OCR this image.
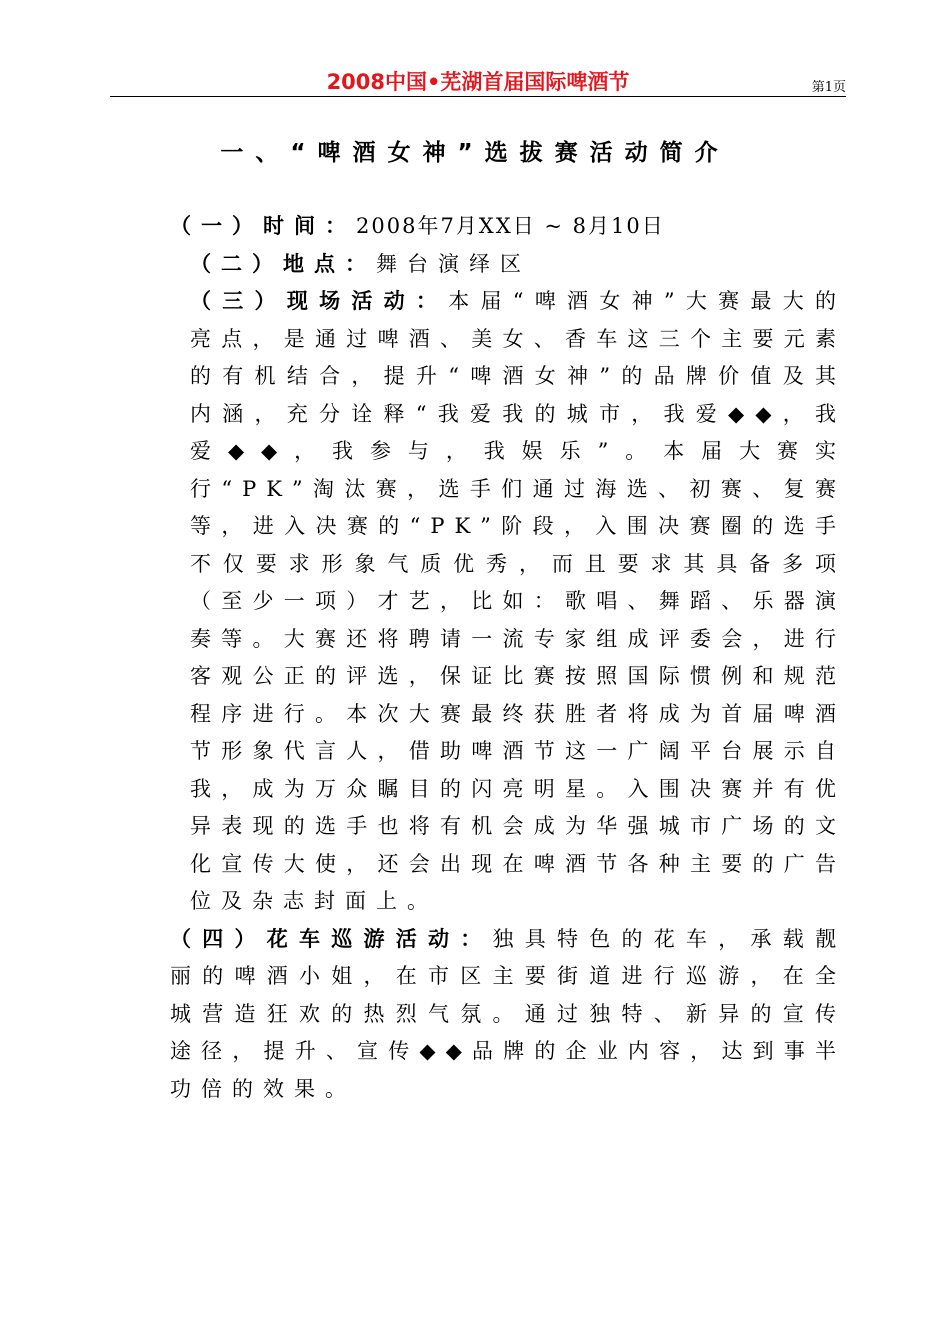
2008中国•芜湖首届国际啤酒节	第1页
一、“啤酒女神”选拔赛活动简介

（一）时间：2008年7月XX日 ~ 8月10日

（二）地点：舞台演绎区

（三）现场活动：本届“啤酒女神”大赛最大的亮点，是通过啤酒、美女、香车这三个主要元素的有机结合，提升“啤酒女神”的品牌价值及其内涵，充分诠释“我爱我的城市，我爱◆◆，我爱◆◆，我参与，我娱乐”。本届大赛实行“PK”淘汰赛，选手们通过海选、初赛、复赛等，进入决赛的“PK”阶段，入围决赛圈的选手不仅要求形象气质优秀，而且要求其具备多项（至少一项）才艺，比如：歌唱、舞蹈、乐器演奏等。大赛还将聘请一流专家组成评委会，进行客观公正的评选，保证比赛按照国际惯例和规范程序进行。本次大赛最终获胜者将成为首届啤酒节形象代言人，借助啤酒节这一广阔平台展示自我，成为万众瞩目的闪亮明星。入围决赛并有优异表现的选手也将有机会成为华强城市广场的文化宣传大使，还会出现在啤酒节各种主要的广告位及杂志封面上。

（四）花车巡游活动：独具特色的花车，承载靓丽的啤酒小姐，在市区主要街道进行巡游，在全城营造狂欢的热烈气氛。通过独特、新异的宣传途径，提升、宣传◆◆品牌的企业内容，达到事半功倍的效果。
